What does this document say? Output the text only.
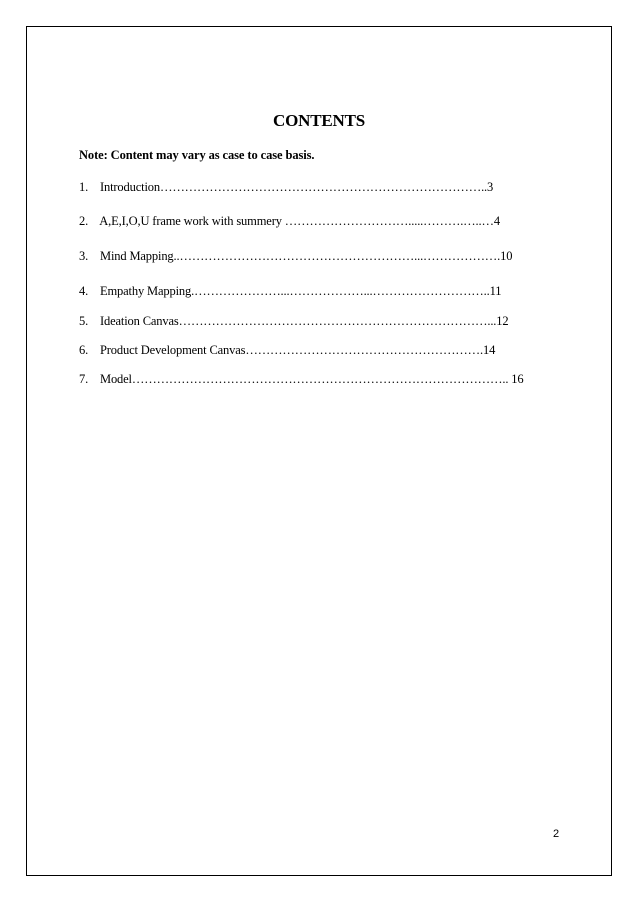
CONTENTS
Note: Content may vary as case to case basis.
1. Introduction……………………………………………………………………..3
2. A,E,I,O,U frame work with summery ………………………….....……….…..…4
3. Mind Mapping..…………………………………………………...……………….10
4. Empathy Mapping.…………………...………………...………………………..11
5. Ideation Canvas…………………………………………………………………...12
6. Product Development Canvas………………………………………………….14
7. Model……………………………………………………………………………….. 16
2
